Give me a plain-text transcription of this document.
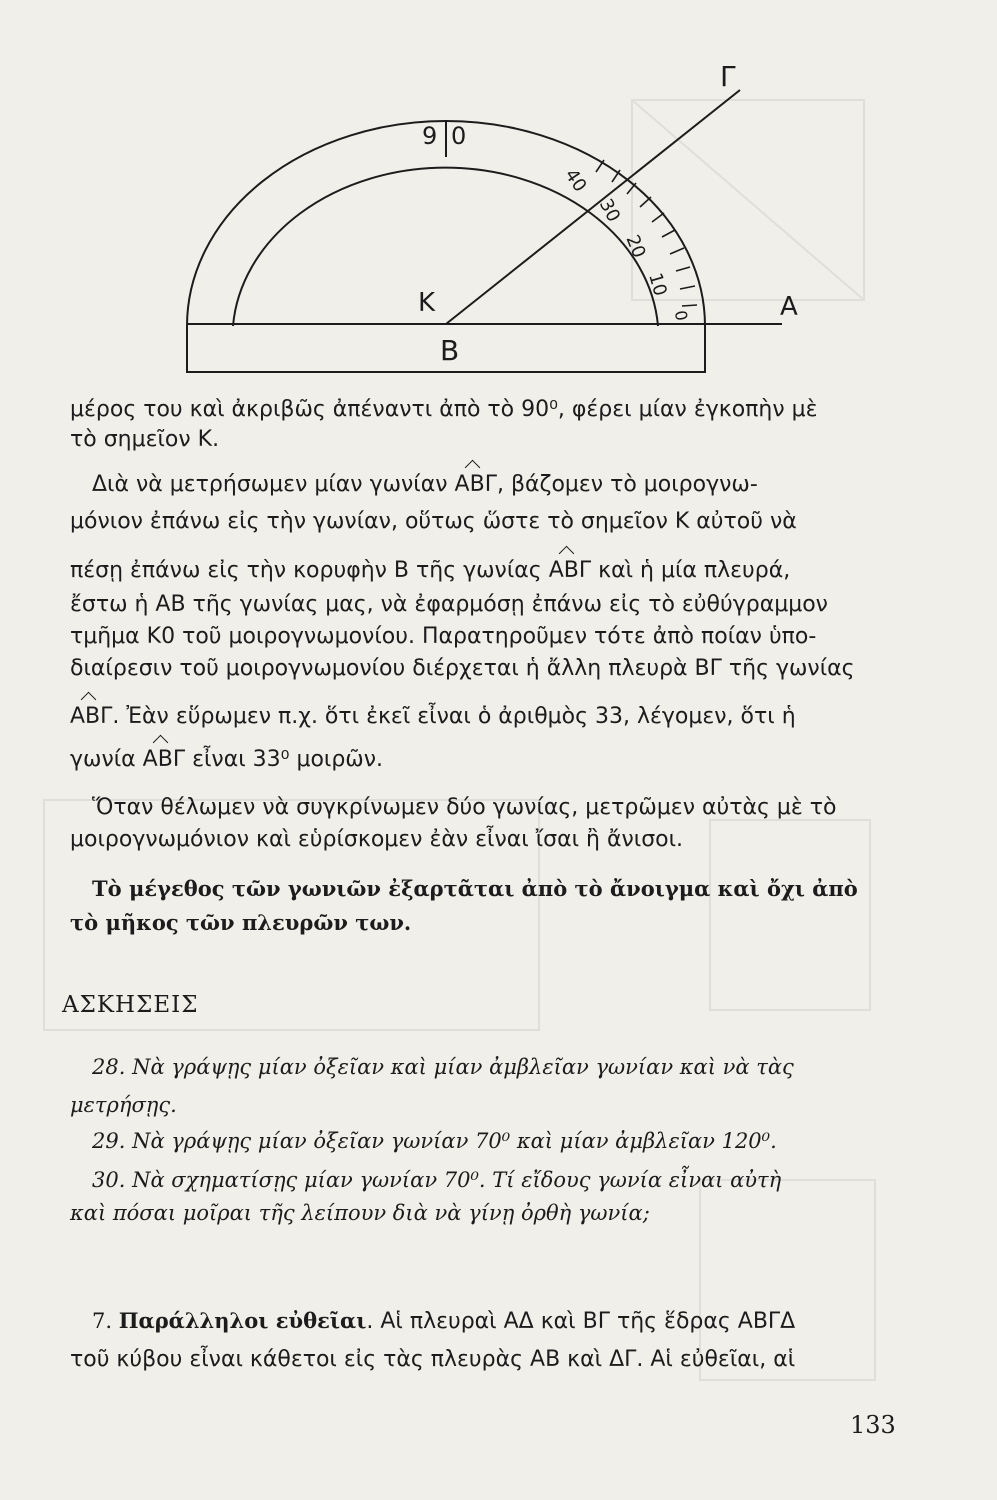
Γ
Κ	Α
Β
9 0
40
30
20
10
0
μέρος του καὶ ἀκριβῶς ἀπέναντι ἀπὸ τὸ 90⁰, φέρει μίαν ἐγκοπὴν μὲ
τὸ σημεῖον Κ.
Διὰ νὰ μετρήσωμεν μίαν γωνίαν
ΑΒΓ, βάζομεν τὸ μοιρογνω-
μόνιον ἐπάνω εἰς τὴν γωνίαν, οὕτως ὥστε τὸ σημεῖον Κ αὐτοῦ νὰ
πέσῃ ἐπάνω εἰς τὴν κορυφὴν Β τῆς γωνίας
ΑΒΓ καὶ ἡ μία πλευρά,
ἔστω ἡ ΑΒ τῆς γωνίας μας, νὰ ἐφαρμόσῃ ἐπάνω εἰς τὸ εὐθύγραμμον
τμῆμα Κ0 τοῦ μοιρογνωμονίου. Παρατηροῦμεν τότε ἀπὸ ποίαν ὑπο-
διαίρεσιν τοῦ μοιρογνωμονίου διέρχεται ἡ ἄλλη πλευρὰ ΒΓ τῆς γωνίας
ΑΒΓ. Ἐὰν εὕρωμεν π.χ. ὅτι ἐκεῖ εἶναι ὁ ἀριθμὸς 33, λέγομεν, ὅτι ἡ
γωνία
ΑΒΓ εἶναι 33⁰ μοιρῶν.
Ὅταν θέλωμεν νὰ συγκρίνωμεν δύο γωνίας, μετρῶμεν αὐτὰς μὲ τὸ
μοιρογνωμόνιον καὶ εὑρίσκομεν ἐὰν εἶναι ἴσαι ἢ ἄνισοι.
Τὸ μέγεθος τῶν γωνιῶν ἐξαρτᾶται ἀπὸ τὸ ἄνοιγμα καὶ ὄχι ἀπὸ
τὸ μῆκος τῶν πλευρῶν των.
ΑΣΚΗΣΕΙΣ
28. Νὰ γράψῃς μίαν ὀξεῖαν καὶ μίαν ἀμβλεῖαν γωνίαν καὶ νὰ τὰς
μετρήσῃς.
29. Νὰ γράψῃς μίαν ὀξεῖαν γωνίαν 70⁰ καὶ μίαν ἀμβλεῖαν 120⁰.
30. Νὰ σχηματίσῃς μίαν γωνίαν 70⁰. Τί εἴδους γωνία εἶναι αὐτὴ
καὶ πόσαι μοῖραι τῆς λείπουν διὰ νὰ γίνῃ ὀρθὴ γωνία;
7. Παράλληλοι εὐθεῖαι. Αἱ πλευραὶ ΑΔ καὶ ΒΓ τῆς ἕδρας ΑΒΓΔ
τοῦ κύβου εἶναι κάθετοι εἰς τὰς πλευρὰς ΑΒ καὶ ΔΓ. Αἱ εὐθεῖαι, αἱ
133
